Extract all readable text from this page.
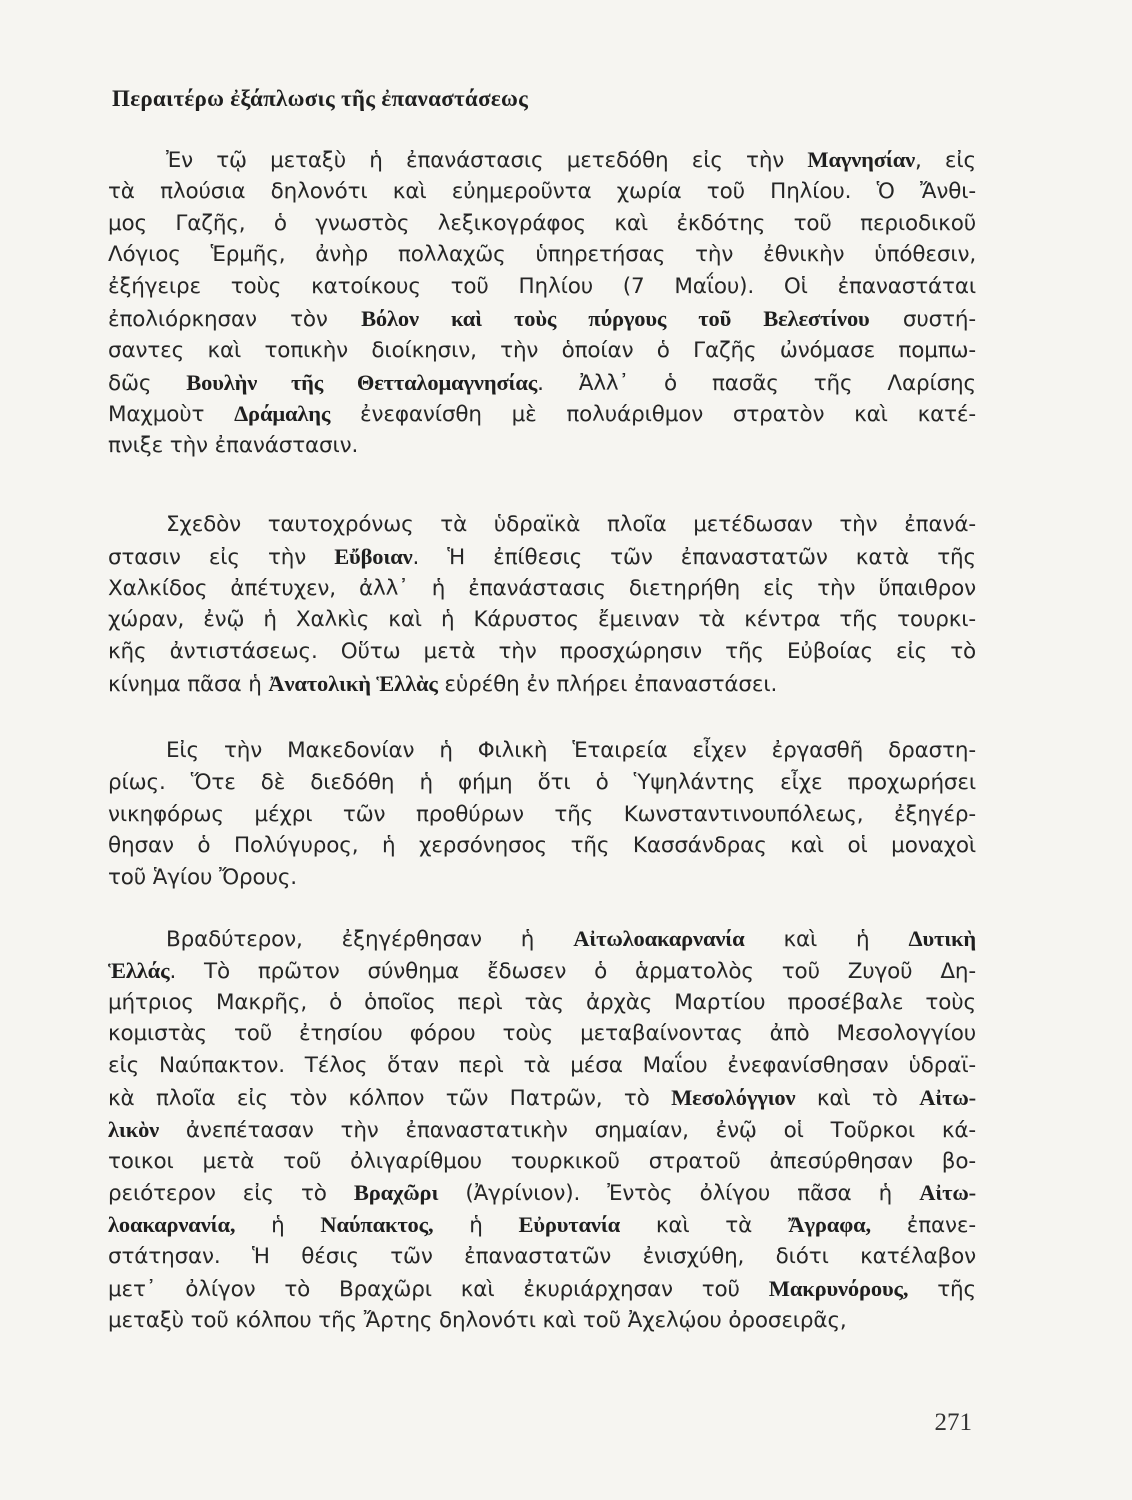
Περαιτέρω ἐξάπλωσις τῆς ἐπαναστάσεως
Ἐν τῷ μεταξὺ ἡ ἐπανάστασις μετεδόθη εἰς τὴν Μαγνησίαν, εἰς
τὰ πλούσια δηλονότι καὶ εὐημεροῦντα χωρία τοῦ Πηλίου. Ὁ Ἄνθι-
μος Γαζῆς, ὁ γνωστὸς λεξικογράφος καὶ ἐκδότης τοῦ περιοδικοῦ
Λόγιος Ἑρμῆς, ἀνὴρ πολλαχῶς ὑπηρετήσας τὴν ἐθνικὴν ὑπόθεσιν,
ἐξήγειρε τοὺς κατοίκους τοῦ Πηλίου (7 Μαΐου). Οἱ ἐπαναστάται
ἐπολιόρκησαν τὸν Βόλον καὶ τοὺς πύργους τοῦ Βελεστίνου συστή-
σαντες καὶ τοπικὴν διοίκησιν, τὴν ὁποίαν ὁ Γαζῆς ὠνόμασε πομπω-
δῶς Βουλὴν τῆς Θετταλομαγνησίας. Ἀλλ᾽ ὁ πασᾶς τῆς Λαρίσης
Μαχμοὺτ Δράμαλης ἐνεφανίσθη μὲ πολυάριθμον στρατὸν καὶ κατέ-
πνιξε τὴν ἐπανάστασιν.
Σχεδὸν ταυτοχρόνως τὰ ὑδραϊκὰ πλοῖα μετέδωσαν τὴν ἐπανά-
στασιν εἰς τὴν Εὔβοιαν. Ἡ ἐπίθεσις τῶν ἐπαναστατῶν κατὰ τῆς
Χαλκίδος ἀπέτυχεν, ἀλλ᾽ ἡ ἐπανάστασις διετηρήθη εἰς τὴν ὕπαιθρον
χώραν, ἐνῷ ἡ Χαλκὶς καὶ ἡ Κάρυστος ἔμειναν τὰ κέντρα τῆς τουρκι-
κῆς ἀντιστάσεως. Οὕτω μετὰ τὴν προσχώρησιν τῆς Εὐβοίας εἰς τὸ
κίνημα πᾶσα ἡ Ἀνατολικὴ Ἑλλὰς εὑρέθη ἐν πλήρει ἐπαναστάσει.
Εἰς τὴν Μακεδονίαν ἡ Φιλικὴ Ἑταιρεία εἶχεν ἐργασθῆ δραστη-
ρίως. Ὅτε δὲ διεδόθη ἡ φήμη ὅτι ὁ Ὑψηλάντης εἶχε προχωρήσει
νικηφόρως μέχρι τῶν προθύρων τῆς Κωνσταντινουπόλεως, ἐξηγέρ-
θησαν ὁ Πολύγυρος, ἡ χερσόνησος τῆς Κασσάνδρας καὶ οἱ μοναχοὶ
τοῦ Ἁγίου Ὄρους.
Βραδύτερον, ἐξηγέρθησαν ἡ Αἰτωλοακαρνανία καὶ ἡ Δυτικὴ
Ἑλλάς. Τὸ πρῶτον σύνθημα ἔδωσεν ὁ ἁρματολὸς τοῦ Ζυγοῦ Δη-
μήτριος Μακρῆς, ὁ ὁποῖος περὶ τὰς ἀρχὰς Μαρτίου προσέβαλε τοὺς
κομιστὰς τοῦ ἐτησίου φόρου τοὺς μεταβαίνοντας ἀπὸ Μεσολογγίου
εἰς Ναύπακτον. Τέλος ὅταν περὶ τὰ μέσα Μαΐου ἐνεφανίσθησαν ὑδραϊ-
κὰ πλοῖα εἰς τὸν κόλπον τῶν Πατρῶν, τὸ Μεσολόγγιον καὶ τὸ Αἰτω-
λικὸν ἀνεπέτασαν τὴν ἐπαναστατικὴν σημαίαν, ἐνῷ οἱ Τοῦρκοι κά-
τοικοι μετὰ τοῦ ὀλιγαρίθμου τουρκικοῦ στρατοῦ ἀπεσύρθησαν βο-
ρειότερον εἰς τὸ Βραχῶρι (Ἀγρίνιον). Ἐντὸς ὀλίγου πᾶσα ἡ Αἰτω-
λοακαρνανία, ἡ Ναύπακτος, ἡ Εὐρυτανία καὶ τὰ Ἄγραφα, ἐπανε-
στάτησαν. Ἡ θέσις τῶν ἐπαναστατῶν ἐνισχύθη, διότι κατέλαβον
μετ᾽ ὀλίγον τὸ Βραχῶρι καὶ ἐκυριάρχησαν τοῦ Μακρυνόρους, τῆς
μεταξὺ τοῦ κόλπου τῆς Ἄρτης δηλονότι καὶ τοῦ Ἀχελῴου ὀροσειρᾶς,
271
